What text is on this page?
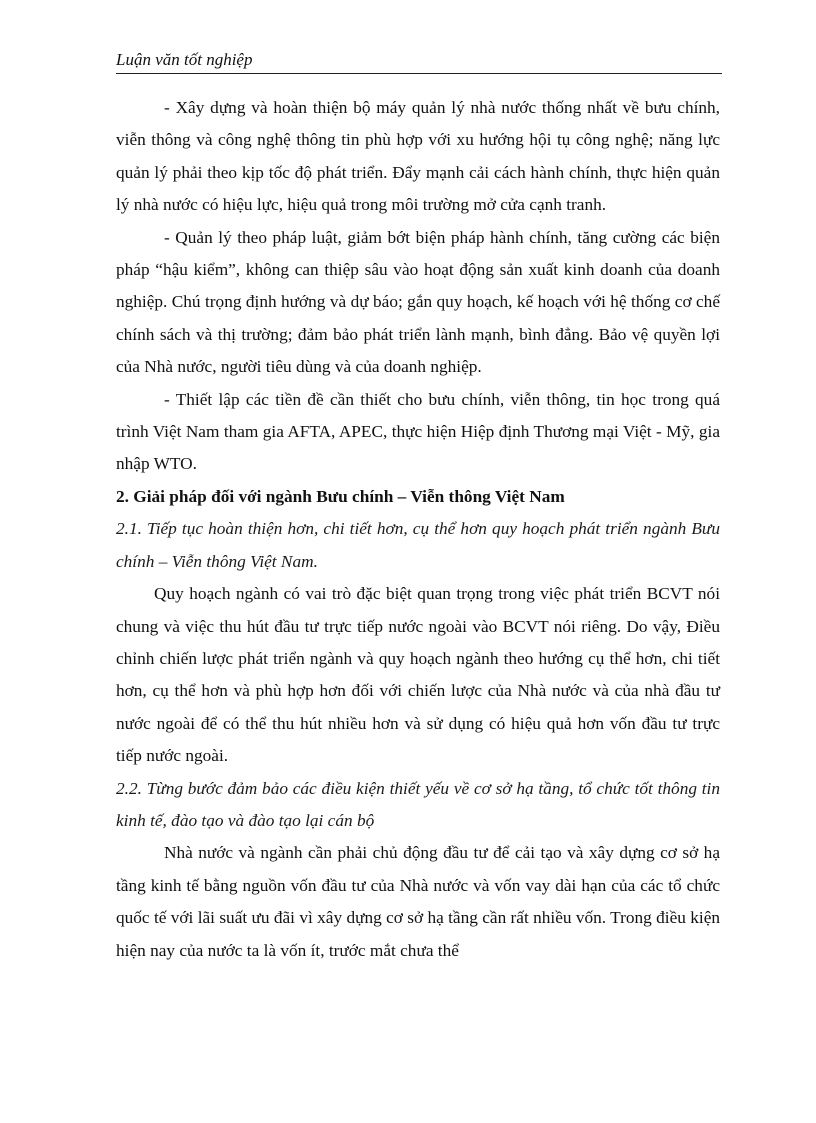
Luận văn tốt nghiệp

- Xây dựng và hoàn thiện bộ máy quản lý nhà nước thống nhất về bưu chính, viễn thông và công nghệ thông tin phù hợp với xu hướng hội tụ công nghệ; năng lực quản lý phải theo kịp tốc độ phát triển. Đẩy mạnh cải cách hành chính, thực hiện quản lý nhà nước có hiệu lực, hiệu quả trong môi trường mở cửa cạnh tranh.

- Quản lý theo pháp luật, giảm bớt biện pháp hành chính, tăng cường các biện pháp “hậu kiểm”, không can thiệp sâu vào hoạt động sản xuất kinh doanh của doanh nghiệp. Chú trọng định hướng và dự báo; gắn quy hoạch, kế hoạch với hệ thống cơ chế chính sách và thị trường; đảm bảo phát triển lành mạnh, bình đẳng. Bảo vệ quyền lợi của Nhà nước, người tiêu dùng và của doanh nghiệp.

- Thiết lập các tiền đề cần thiết cho bưu chính, viễn thông, tin học trong quá trình Việt Nam tham gia AFTA, APEC, thực hiện Hiệp định Thương mại Việt - Mỹ, gia nhập WTO.

2. Giải pháp đối với ngành Bưu chính – Viễn thông Việt Nam

2.1. Tiếp tục hoàn thiện hơn, chi tiết hơn, cụ thể hơn quy hoạch phát triển ngành Bưu chính – Viễn thông Việt Nam.

Quy hoạch ngành có vai trò đặc biệt quan trọng trong việc phát triển BCVT nói chung và việc thu hút đầu tư trực tiếp nước ngoài vào BCVT nói riêng. Do vậy, Điều chỉnh chiến lược phát triển ngành và quy hoạch ngành theo hướng cụ thể hơn, chi tiết hơn, cụ thể hơn và phù hợp hơn đối với chiến lược của Nhà nước và của nhà đầu tư nước ngoài để có thể thu hút nhiều hơn và sử dụng có hiệu quả hơn vốn đầu tư trực tiếp nước ngoài.

2.2. Từng bước đảm bảo các điều kiện thiết yếu về cơ sở hạ tầng, tổ chức tốt thông tin kinh tế, đào tạo và đào tạo lại cán bộ

Nhà nước và ngành cần phải chủ động đầu tư để cải tạo và xây dựng cơ sở hạ tầng kinh tế bằng nguồn vốn đầu tư của Nhà nước và vốn vay dài hạn của các tổ chức quốc tế với lãi suất ưu đãi vì xây dựng cơ sở hạ tầng cần rất nhiều vốn. Trong điều kiện hiện nay của nước ta là vốn ít, trước mắt chưa thể
